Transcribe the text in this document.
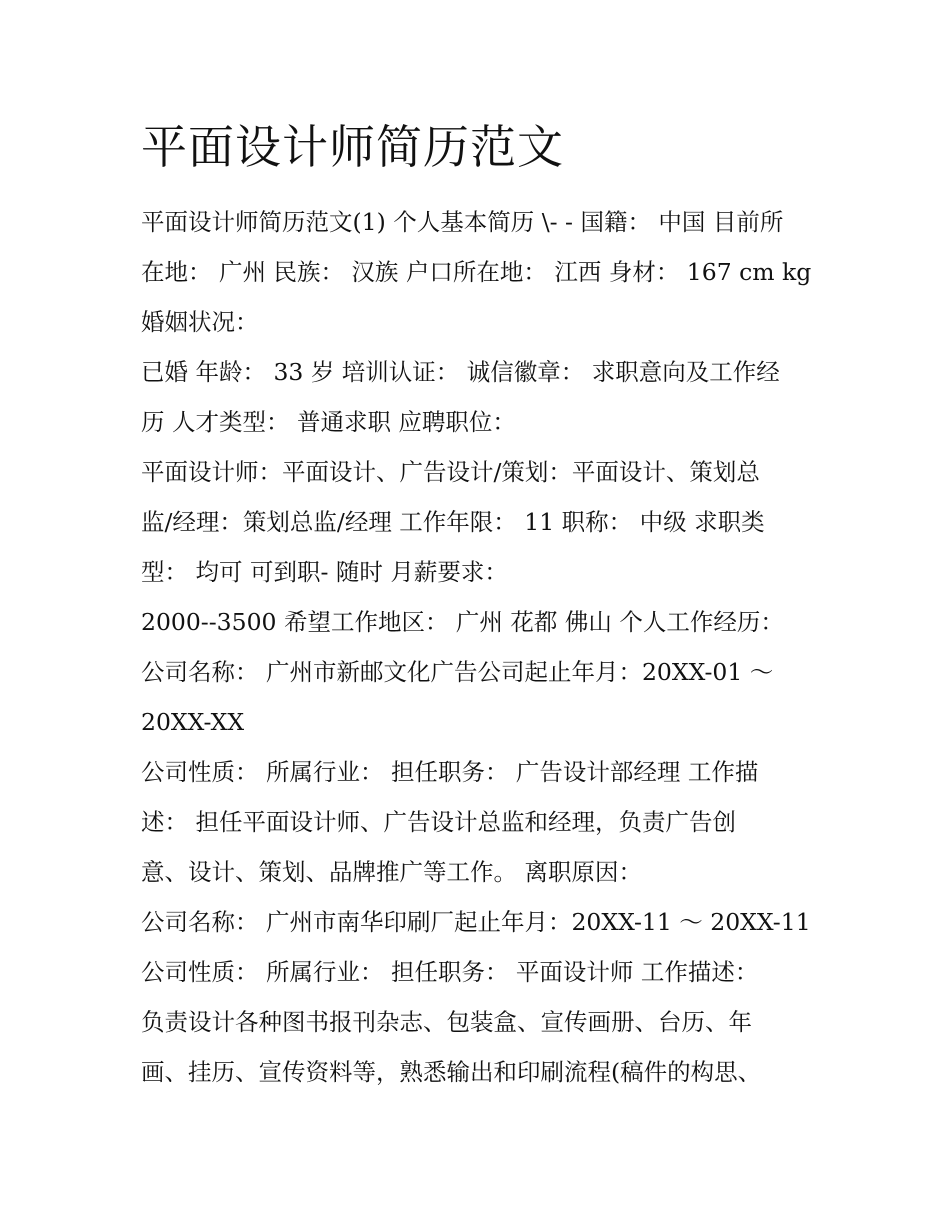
平面设计师简历范文
平面设计师简历范文(1) 个人基本简历 \- - 国籍： 中国 目前所
在地： 广州 民族： 汉族 户口所在地： 江西 身材： 167 cm kg
婚姻状况：
已婚 年龄： 33 岁 培训认证： 诚信徽章： 求职意向及工作经
历 人才类型： 普通求职 应聘职位：
平面设计师：平面设计、广告设计/策划：平面设计、策划总
监/经理：策划总监/经理 工作年限： 11 职称： 中级 求职类
型： 均可 可到职- 随时 月薪要求：
2000--3500 希望工作地区： 广州 花都 佛山 个人工作经历：
公司名称： 广州市新邮文化广告公司起止年月：20XX-01 ～
20XX-XX
公司性质： 所属行业： 担任职务： 广告设计部经理 工作描
述： 担任平面设计师、广告设计总监和经理，负责广告创
意、设计、策划、品牌推广等工作。 离职原因：
公司名称： 广州市南华印刷厂起止年月：20XX-11 ～ 20XX-11
公司性质： 所属行业： 担任职务： 平面设计师 工作描述：
负责设计各种图书报刊杂志、包装盒、宣传画册、台历、年
画、挂历、宣传资料等，熟悉输出和印刷流程(稿件的构思、
